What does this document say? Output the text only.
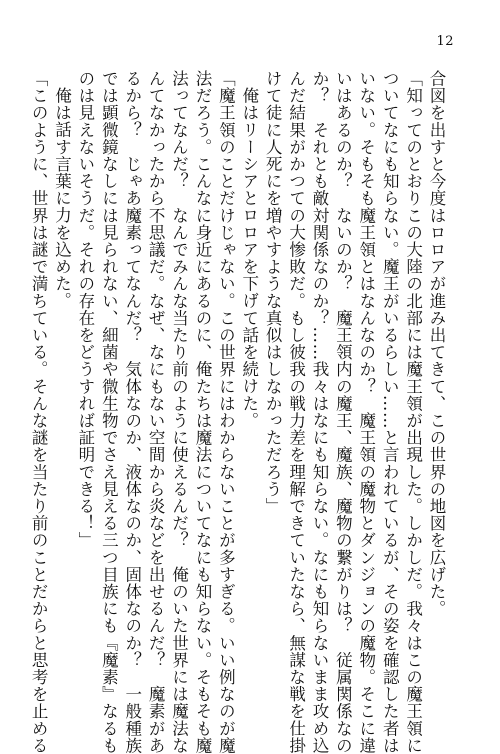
12
合図を出すと今度はロロアが進み出てきて、この世界の地図を広げた。
「知ってのとおりこの大陸の北部には魔王領が出現した。しかしだ。我々はこの魔王領に
ついてなにも知らない。魔王がいるらしい……と言われているが、その姿を確認した者は
いない。そもそも魔王領とはなんなのか？　魔王領の魔物とダンジョンの魔物。そこに違
いはあるのか？　ないのか？　魔王領内の魔王、魔族、魔物の繋がりは？　従属関係なの
か？　それとも敵対関係なのか？……我々はなにも知らない。なにも知らないまま攻め込
んだ結果がかつての大惨敗だ。もし彼我の戦力差を理解できていたなら、無謀な戦を仕掛
けて徒に人死にを増やすような真似はしなかっただろう」
俺はリーシアとロロアを下げて話を続けた。
「魔王領のことだけじゃない。この世界にはわからないことが多すぎる。いい例なのが魔
法だろう。こんなに身近にあるのに、俺たちは魔法についてなにも知らない。そもそも魔
法ってなんだ？　なんでみんな当たり前のように使えるんだ？　俺のいた世界には魔法な
んてなかったから不思議だ。なぜ、なにもない空間から炎などを出せるんだ？　魔素があ
るから？　じゃあ魔素ってなんだ？　気体なのか、液体なのか、固体なのか？　一般種族
では顕微鏡なしには見られない、細菌や微生物でさえ見える三つ目族にも『魔素』なるも
のは見えないそうだ。それの存在をどうすれば証明できる！」
俺は話す言葉に力を込めた。
「このように、世界は謎で満ちている。そんな謎を当たり前のことだからと思考を止める
